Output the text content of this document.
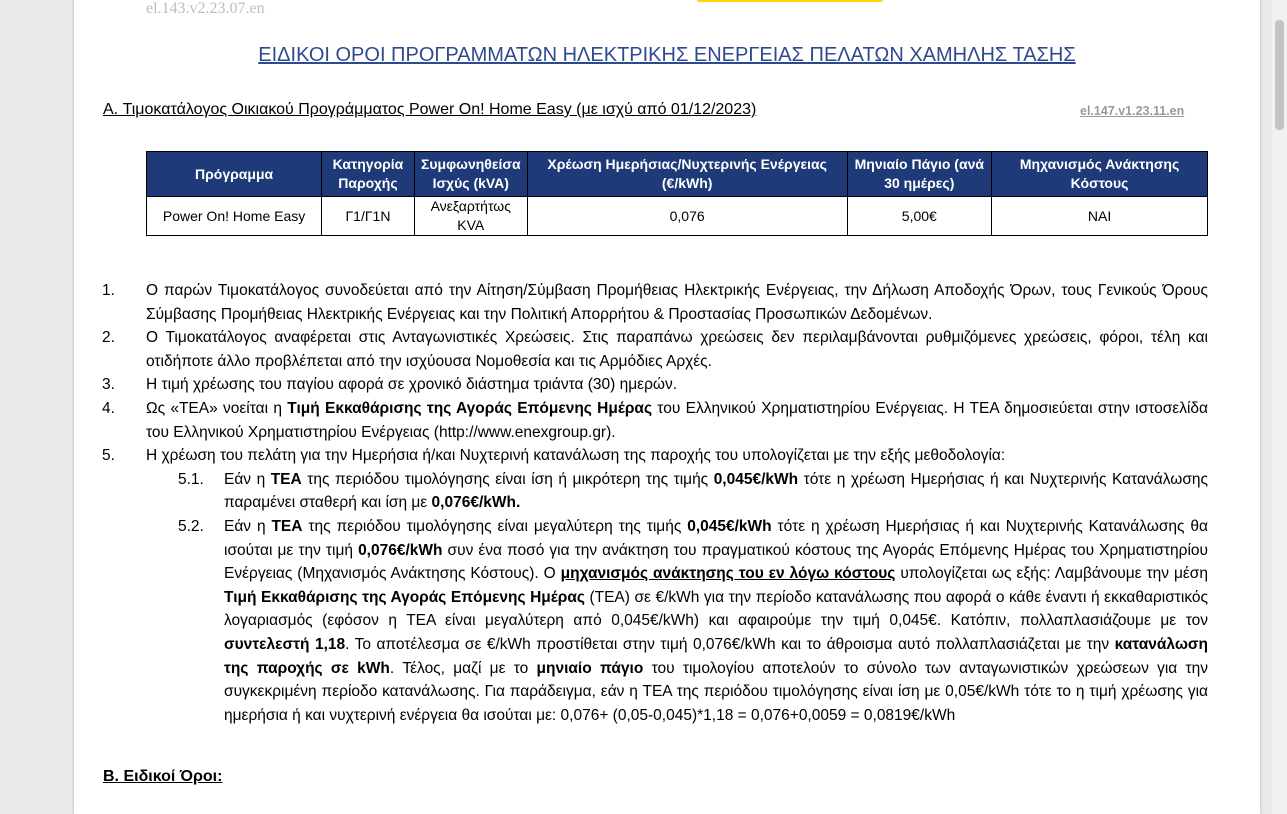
el.143.v2.23.07.en
ΕΙΔΙΚΟΙ ΟΡΟΙ ΠΡΟΓΡΑΜΜΑΤΩΝ ΗΛΕΚΤΡΙΚΗΣ ΕΝΕΡΓΕΙΑΣ ΠΕΛΑΤΩΝ ΧΑΜΗΛΗΣ ΤΑΣΗΣ
A. Τιμοκατάλογος Οικιακού Προγράμματος Power On! Home Easy (με ισχύ από 01/12/2023)	el.147.v1.23.11.en
Πρόγραμμα	Κατηγορία Παροχής	Συμφωνηθείσα Ισχύς (kVA)	Χρέωση Ημερήσιας/Νυχτερινής Ενέργειας (€/kWh)	Μηνιαίο Πάγιο (ανά 30 ημέρες)	Μηχανισμός Ανάκτησης Κόστους
Power On! Home Easy	Γ1/Γ1Ν	Ανεξαρτήτως KVA	0,076	5,00€	ΝΑΙ
1. Ο παρών Τιμοκατάλογος συνοδεύεται από την Αίτηση/Σύμβαση Προμήθειας Ηλεκτρικής Ενέργειας, την Δήλωση Αποδοχής Όρων, τους Γενικούς Όρους Σύμβασης Προμήθειας Ηλεκτρικής Ενέργειας και την Πολιτική Απορρήτου & Προστασίας Προσωπικών Δεδομένων.
2. Ο Τιμοκατάλογος αναφέρεται στις Ανταγωνιστικές Χρεώσεις. Στις παραπάνω χρεώσεις δεν περιλαμβάνονται ρυθμιζόμενες χρεώσεις, φόροι, τέλη και οτιδήποτε άλλο προβλέπεται από την ισχύουσα Νομοθεσία και τις Αρμόδιες Αρχές.
3. Η τιμή χρέωσης του παγίου αφορά σε χρονικό διάστημα τριάντα (30) ημερών.
4. Ως «ΤΕΑ» νοείται η Τιμή Εκκαθάρισης της Αγοράς Επόμενης Ημέρας του Ελληνικού Χρηματιστηρίου Ενέργειας. Η ΤΕΑ δημοσιεύεται στην ιστοσελίδα του Ελληνικού Χρηματιστηρίου Ενέργειας (http://www.enexgroup.gr).
5. Η χρέωση του πελάτη για την Ημερήσια ή/και Νυχτερινή κατανάλωση της παροχής του υπολογίζεται με την εξής μεθοδολογία:
5.1. Εάν η ΤΕΑ της περιόδου τιμολόγησης είναι ίση ή μικρότερη της τιμής 0,045€/kWh τότε η χρέωση Ημερήσιας ή και Νυχτερινής Κατανάλωσης παραμένει σταθερή και ίση με 0,076€/kWh.
5.2. Εάν η ΤΕΑ της περιόδου τιμολόγησης είναι μεγαλύτερη της τιμής 0,045€/kWh τότε η χρέωση Ημερήσιας ή και Νυχτερινής Κατανάλωσης θα ισούται με την τιμή 0,076€/kWh συν ένα ποσό για την ανάκτηση του πραγματικού κόστους της Αγοράς Επόμενης Ημέρας του Χρηματιστηρίου Ενέργειας (Μηχανισμός Ανάκτησης Κόστους). Ο μηχανισμός ανάκτησης του εν λόγω κόστους υπολογίζεται ως εξής: Λαμβάνουμε την μέση Τιμή Εκκαθάρισης της Αγοράς Επόμενης Ημέρας (ΤΕΑ) σε €/kWh για την περίοδο κατανάλωσης που αφορά ο κάθε έναντι ή εκκαθαριστικός λογαριασμός (εφόσον η ΤΕΑ είναι μεγαλύτερη από 0,045€/kWh) και αφαιρούμε την τιμή 0,045€. Κατόπιν, πολλαπλασιάζουμε με τον συντελεστή 1,18. Το αποτέλεσμα σε €/kWh προστίθεται στην τιμή 0,076€/kWh και το άθροισμα αυτό πολλαπλασιάζεται με την κατανάλωση της παροχής σε kWh. Τέλος, μαζί με το μηνιαίο πάγιο του τιμολογίου αποτελούν το σύνολο των ανταγωνιστικών χρεώσεων για την συγκεκριμένη περίοδο κατανάλωσης. Για παράδειγμα, εάν η ΤΕΑ της περιόδου τιμολόγησης είναι ίση με 0,05€/kWh τότε το η τιμή χρέωσης για ημερήσια ή και νυχτερινή ενέργεια θα ισούται με: 0,076+ (0,05-0,045)*1,18 = 0,076+0,0059 = 0,0819€/kWh
B. Ειδικοί Όροι:
